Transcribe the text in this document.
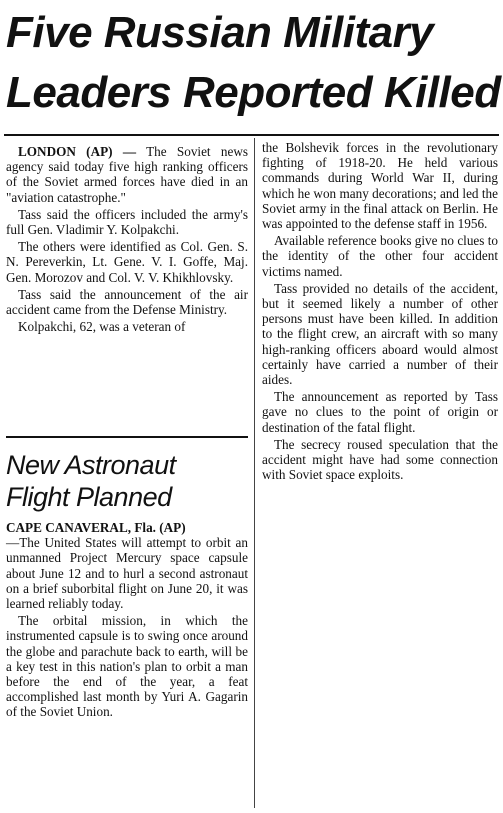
Five Russian Military
Leaders Reported Killed

LONDON (AP) — The Soviet news agency said today five high ranking officers of the Soviet armed forces have died in an "aviation catastrophe."

Tass said the officers included the army's full Gen. Vladimir Y. Kolpakchi.

The others were identified as Col. Gen. S. N. Pereverkin, Lt. Gene. V. I. Goffe, Maj. Gen. Morozov and Col. V. V. Khikhlovsky.

Tass said the announcement of the air accident came from the Defense Ministry.

Kolpakchi, 62, was a veteran of

New Astronaut
Flight Planned

CAPE CANAVERAL, Fla. (AP)
—The United States will attempt to orbit an unmanned Project Mercury space capsule about June 12 and to hurl a second astronaut on a brief suborbital flight on June 20, it was learned reliably today.

The orbital mission, in which the instrumented capsule is to swing once around the globe and parachute back to earth, will be a key test in this nation's plan to orbit a man before the end of the year, a feat accomplished last month by Yuri A. Gagarin of the Soviet Union.

the Bolshevik forces in the revolutionary fighting of 1918-20. He held various commands during World War II, during which he won many decorations; and led the Soviet army in the final attack on Berlin. He was appointed to the defense staff in 1956.

Available reference books give no clues to the identity of the other four accident victims named.

Tass provided no details of the accident, but it seemed likely a number of other persons must have been killed. In addition to the flight crew, an aircraft with so many high-ranking officers aboard would almost certainly have carried a number of their aides.

The announcement as reported by Tass gave no clues to the point of origin or destination of the fatal flight.

The secrecy roused speculation that the accident might have had some connection with Soviet space exploits.
